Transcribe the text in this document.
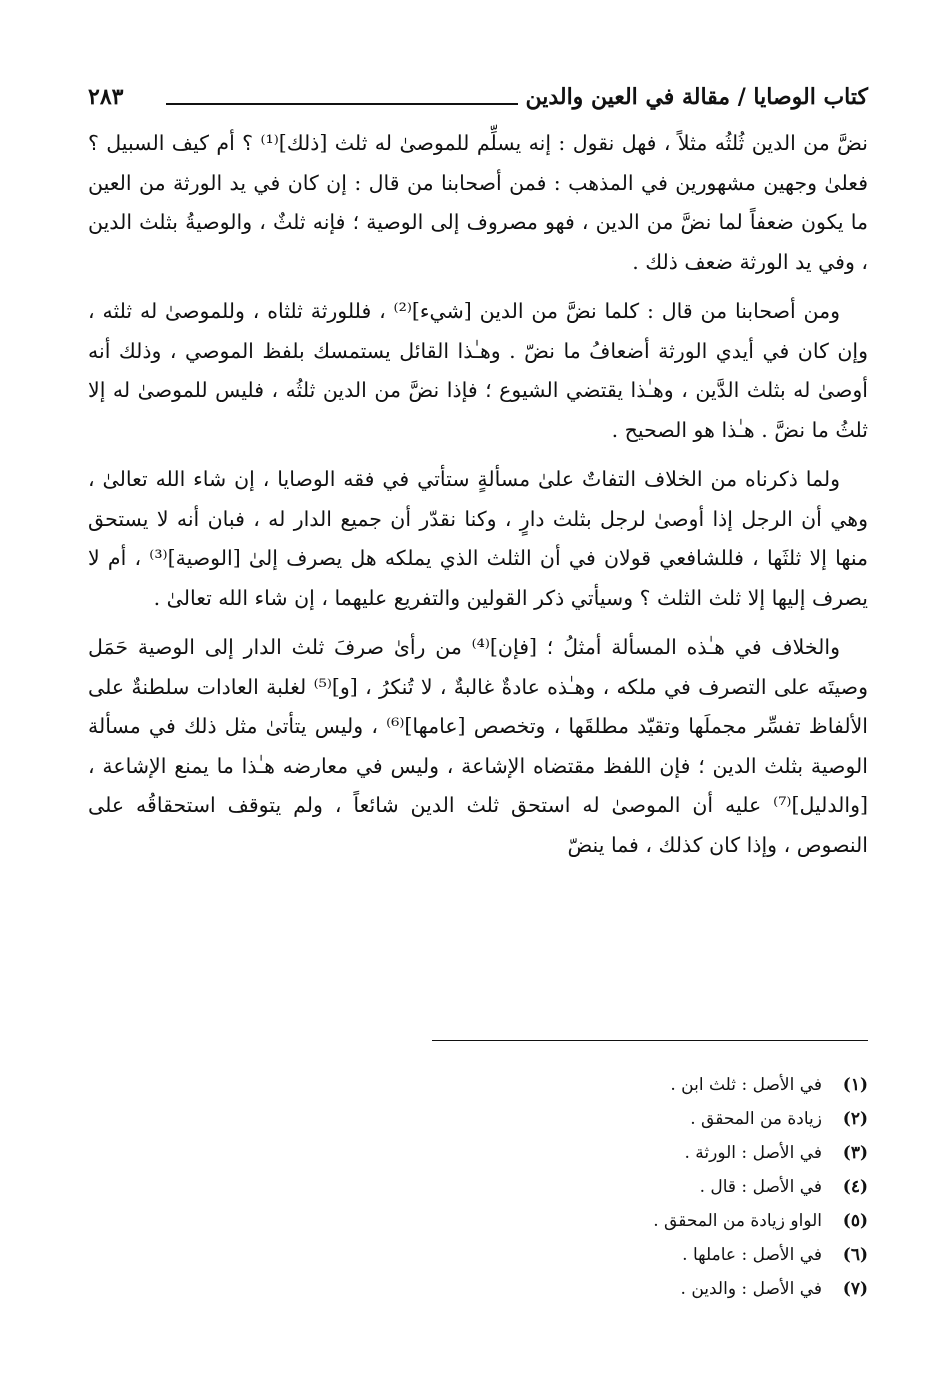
كتاب الوصايا / مقالة في العين والدين
٢٨٣

نضَّ من الدين ثُلثُه مثلاً ، فهل نقول : إنه يسلِّم للموصىٰ له ثلث [ذلك]⁽¹⁾ ؟ أم كيف السبيل ؟ فعلىٰ وجهين مشهورين في المذهب : فمن أصحابنا من قال : إن كان في يد الورثة من العين ما يكون ضعفاً لما نضَّ من الدين ، فهو مصروف إلى الوصية ؛ فإنه ثلثٌ ، والوصيةُ بثلث الدين ، وفي يد الورثة ضعف ذلك .

ومن أصحابنا من قال : كلما نضَّ من الدين [شيء]⁽²⁾ ، فللورثة ثلثاه ، وللموصىٰ له ثلثه ، وإن كان في أيدي الورثة أضعافُ ما نضّ . وهـٰذا القائل يستمسك بلفظ الموصي ، وذلك أنه أوصىٰ له بثلث الدَّين ، وهـٰذا يقتضي الشيوع ؛ فإذا نضَّ من الدين ثلثُه ، فليس للموصىٰ له إلا ثلثُ ما نضَّ . هـٰذا هو الصحيح .

ولما ذكرناه من الخلاف التفاتٌ علىٰ مسألةٍ ستأتي في فقه الوصايا ، إن شاء الله تعالىٰ ، وهي أن الرجل إذا أوصىٰ لرجل بثلث دارٍ ، وكنا نقدّر أن جميع الدار له ، فبان أنه لا يستحق منها إلا ثلثَها ، فللشافعي قولان في أن الثلث الذي يملكه هل يصرف إلىٰ [الوصية]⁽³⁾ ، أم لا يصرف إليها إلا ثلث الثلث ؟ وسيأتي ذكر القولين والتفريع عليهما ، إن شاء الله تعالىٰ .

والخلاف في هـٰذه المسألة أمثلُ ؛ [فإن]⁽⁴⁾ من رأىٰ صرفَ ثلث الدار إلى الوصية حَمَل وصيتَه على التصرف في ملكه ، وهـٰذه عادةٌ غالبةٌ ، لا تُنكرُ ، [و]⁽⁵⁾ لغلبة العادات سلطنةٌ على الألفاظ تفسِّر مجملَها وتقيّد مطلقَها ، وتخصص [عامها]⁽⁶⁾ ، وليس يتأتىٰ مثل ذلك في مسألة الوصية بثلث الدين ؛ فإن اللفظ مقتضاه الإشاعة ، وليس في معارضه هـٰذا ما يمنع الإشاعة ، [والدليل]⁽⁷⁾ عليه أن الموصىٰ له استحق ثلث الدين شائعاً ، ولم يتوقف استحقاقُه على النصوص ، وإذا كان كذلك ، فما ينضّ

(١)في الأصل : ثلث ابن .
(٢)زيادة من المحقق .
(٣)في الأصل : الورثة .
(٤)في الأصل : قال .
(٥)الواو زيادة من المحقق .
(٦)في الأصل : عاملها .
(٧)في الأصل : والدين .
